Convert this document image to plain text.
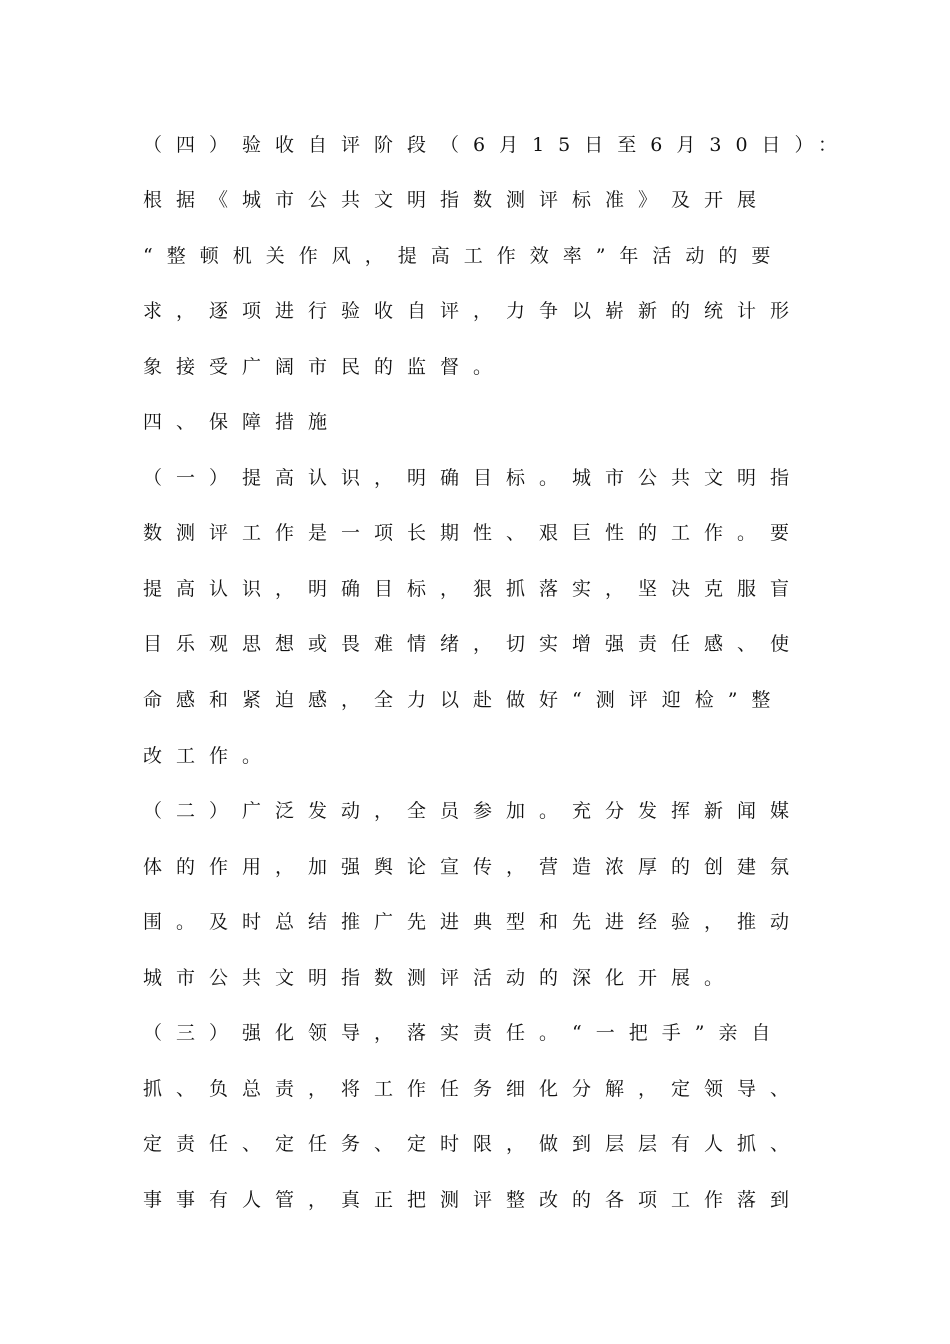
（四）验收自评阶段（6月15日至6月30日）：
根据《城市公共文明指数测评标准》及开展
“整顿机关作风，提高工作效率”年活动的要
求，逐项进行验收自评，力争以崭新的统计形
象接受广阔市民的监督。
四、保障措施
（一）提高认识，明确目标。城市公共文明指
数测评工作是一项长期性、艰巨性的工作。要
提高认识，明确目标，狠抓落实，坚决克服盲
目乐观思想或畏难情绪，切实增强责任感、使
命感和紧迫感，全力以赴做好“测评迎检”整
改工作。
（二）广泛发动，全员参加。充分发挥新闻媒
体的作用，加强舆论宣传，营造浓厚的创建氛
围。及时总结推广先进典型和先进经验，推动
城市公共文明指数测评活动的深化开展。
（三）强化领导，落实责任。“一把手”亲自
抓、负总责，将工作任务细化分解，定领导、
定责任、定任务、定时限，做到层层有人抓、
事事有人管，真正把测评整改的各项工作落到
